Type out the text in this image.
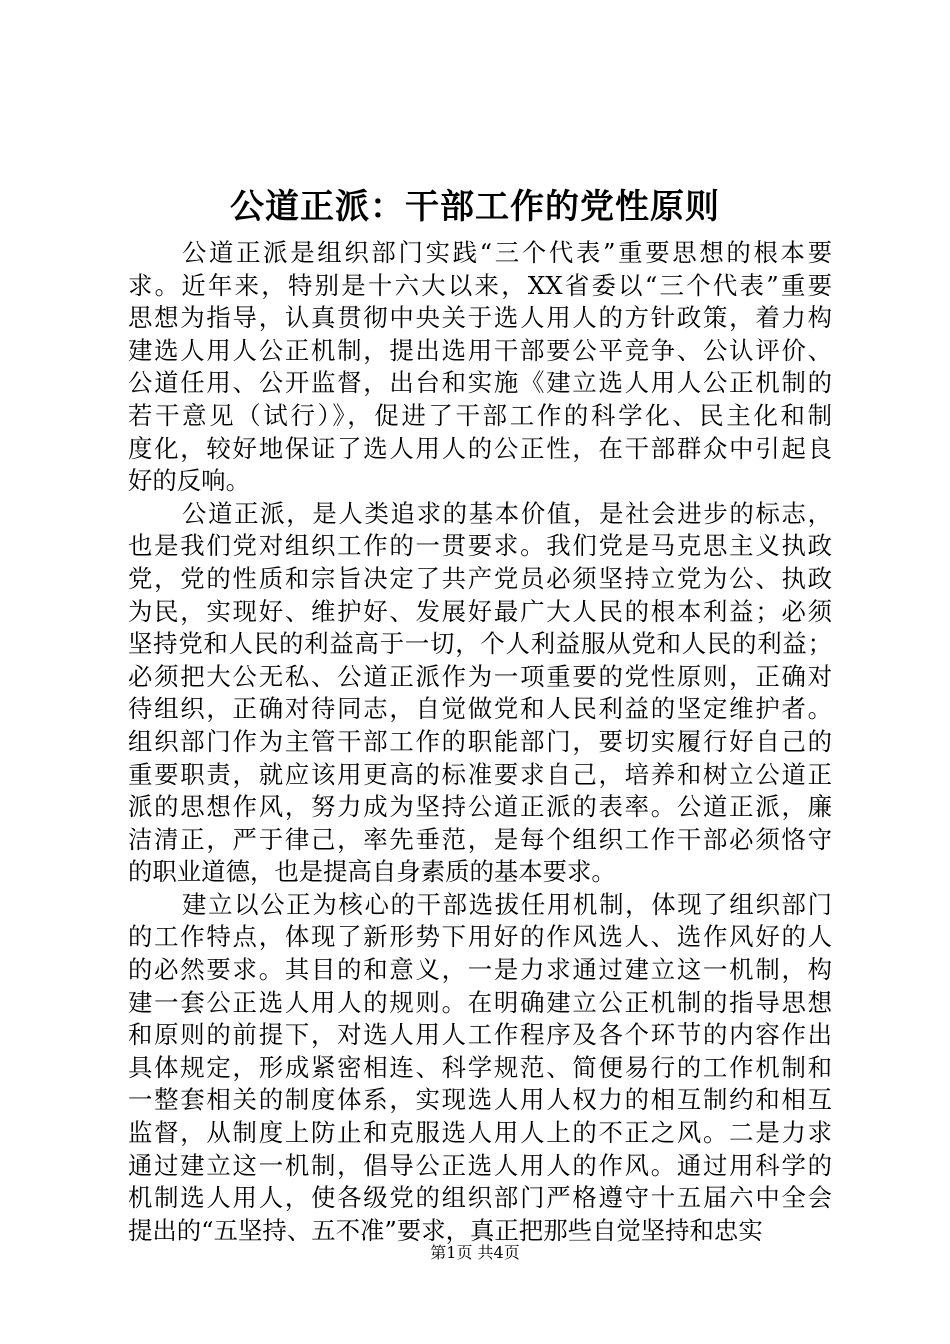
公道正派：干部工作的党性原则
公道正派是组织部门实践“三个代表”重要思想的根本要
求。近年来，特别是十六大以来，XX省委以“三个代表”重要
思想为指导，认真贯彻中央关于选人用人的方针政策，着力构
建选人用人公正机制，提出选用干部要公平竞争、公认评价、
公道任用、公开监督，出台和实施《建立选人用人公正机制的
若干意见（试行）》，促进了干部工作的科学化、民主化和制
度化，较好地保证了选人用人的公正性，在干部群众中引起良
好的反响。
公道正派，是人类追求的基本价值，是社会进步的标志，
也是我们党对组织工作的一贯要求。我们党是马克思主义执政
党，党的性质和宗旨决定了共产党员必须坚持立党为公、执政
为民，实现好、维护好、发展好最广大人民的根本利益；必须
坚持党和人民的利益高于一切，个人利益服从党和人民的利益；
必须把大公无私、公道正派作为一项重要的党性原则，正确对
待组织，正确对待同志，自觉做党和人民利益的坚定维护者。
组织部门作为主管干部工作的职能部门，要切实履行好自己的
重要职责，就应该用更高的标准要求自己，培养和树立公道正
派的思想作风，努力成为坚持公道正派的表率。公道正派，廉
洁清正，严于律己，率先垂范，是每个组织工作干部必须恪守
的职业道德，也是提高自身素质的基本要求。
建立以公正为核心的干部选拔任用机制，体现了组织部门
的工作特点，体现了新形势下用好的作风选人、选作风好的人
的必然要求。其目的和意义，一是力求通过建立这一机制，构
建一套公正选人用人的规则。在明确建立公正机制的指导思想
和原则的前提下，对选人用人工作程序及各个环节的内容作出
具体规定，形成紧密相连、科学规范、简便易行的工作机制和
一整套相关的制度体系，实现选人用人权力的相互制约和相互
监督，从制度上防止和克服选人用人上的不正之风。二是力求
通过建立这一机制，倡导公正选人用人的作风。通过用科学的
机制选人用人，使各级党的组织部门严格遵守十五届六中全会
提出的“五坚持、五不准”要求，真正把那些自觉坚持和忠实
第1页 共4页
